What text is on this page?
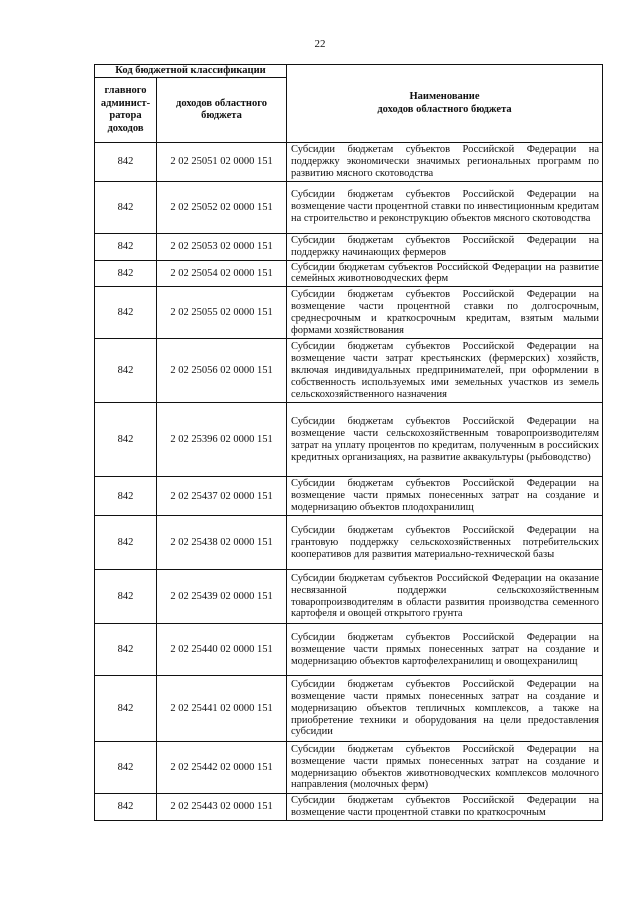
22
Код бюджетной классификации		Наименование
доходов областного бюджета

главного админист-ратора доходов	доходов областного бюджета	
842	2 02 25051 02 0000 151	Субсидии бюджетам субъектов Российской Федерации на поддержку экономически значимых региональных программ по развитию мясного скотоводства
842	2 02 25052 02 0000 151	Субсидии бюджетам субъектов Российской Федерации на возмещение части процентной ставки по инвестиционным кредитам на строительство и реконструкцию объектов мясного скотоводства
842	2 02 25053 02 0000 151	Субсидии бюджетам субъектов Российской Федерации на поддержку начинающих фермеров
842	2 02 25054 02 0000 151	Субсидии бюджетам субъектов Российской Федерации на развитие семейных животноводческих ферм
842	2 02 25055 02 0000 151	Субсидии бюджетам субъектов Российской Федерации на возмещение части процентной ставки по долгосрочным, среднесрочным и краткосрочным кредитам, взятым малыми формами хозяйствования
842	2 02 25056 02 0000 151	Субсидии бюджетам субъектов Российской Федерации на возмещение части затрат крестьянских (фермерских) хозяйств, включая индивидуальных предпринимателей, при оформлении в собственность используемых ими земельных участков из земель сельскохозяйственного назначения
842	2 02 25396 02 0000 151	Субсидии бюджетам субъектов Российской Федерации на возмещение части сельскохозяйственным товаропроизводителям затрат на уплату процентов по кредитам, полученным в российских кредитных организациях, на развитие аквакультуры (рыбоводство)
842	2 02 25437 02 0000 151	Субсидии бюджетам субъектов Российской Федерации на возмещение части прямых понесенных затрат на создание и модернизацию объектов плодохранилищ
842	2 02 25438 02 0000 151	Субсидии бюджетам субъектов Российской Федерации на грантовую поддержку сельскохозяйственных потребительских кооперативов для развития материально-технической базы
842	2 02 25439 02 0000 151	Субсидии бюджетам субъектов Российской Федерации на оказание несвязанной поддержки сельскохозяйственным товаропроизводителям в области развития производства семенного картофеля и овощей открытого грунта
842	2 02 25440 02 0000 151	Субсидии бюджетам субъектов Российской Федерации на возмещение части прямых понесенных затрат на создание и модернизацию объектов картофелехранилищ и овощехранилищ
842	2 02 25441 02 0000 151	Субсидии бюджетам субъектов Российской Федерации на возмещение части прямых понесенных затрат на создание и модернизацию объектов тепличных комплексов, а также на приобретение техники и оборудования на цели предоставления субсидии
842	2 02 25442 02 0000 151	Субсидии бюджетам субъектов Российской Федерации на возмещение части прямых понесенных затрат на создание и модернизацию объектов животноводческих комплексов молочного направления (молочных ферм)
842	2 02 25443 02 0000 151	Субсидии бюджетам субъектов Российской Федерации на возмещение части процентной ставки по краткосрочным
